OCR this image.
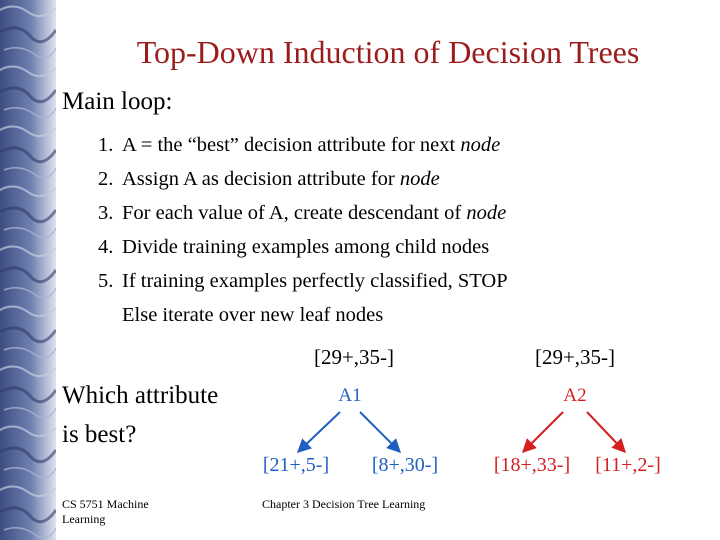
Top-Down Induction of Decision Trees
Main loop:
1. A = the “best” decision attribute for next node
2. Assign A as decision attribute for node
3. For each value of A, create descendant of node
4. Divide training examples among child nodes
5. If training examples perfectly classified, STOP
Else iterate over new leaf nodes
Which attribute
is best?
[29+,35-]
A1
[21+,5-] [8+,30-]
[29+,35-]
A2
[18+,33-] [11+,2-]
CS 5751 Machine Learning
Chapter 3 Decision Tree Learning
